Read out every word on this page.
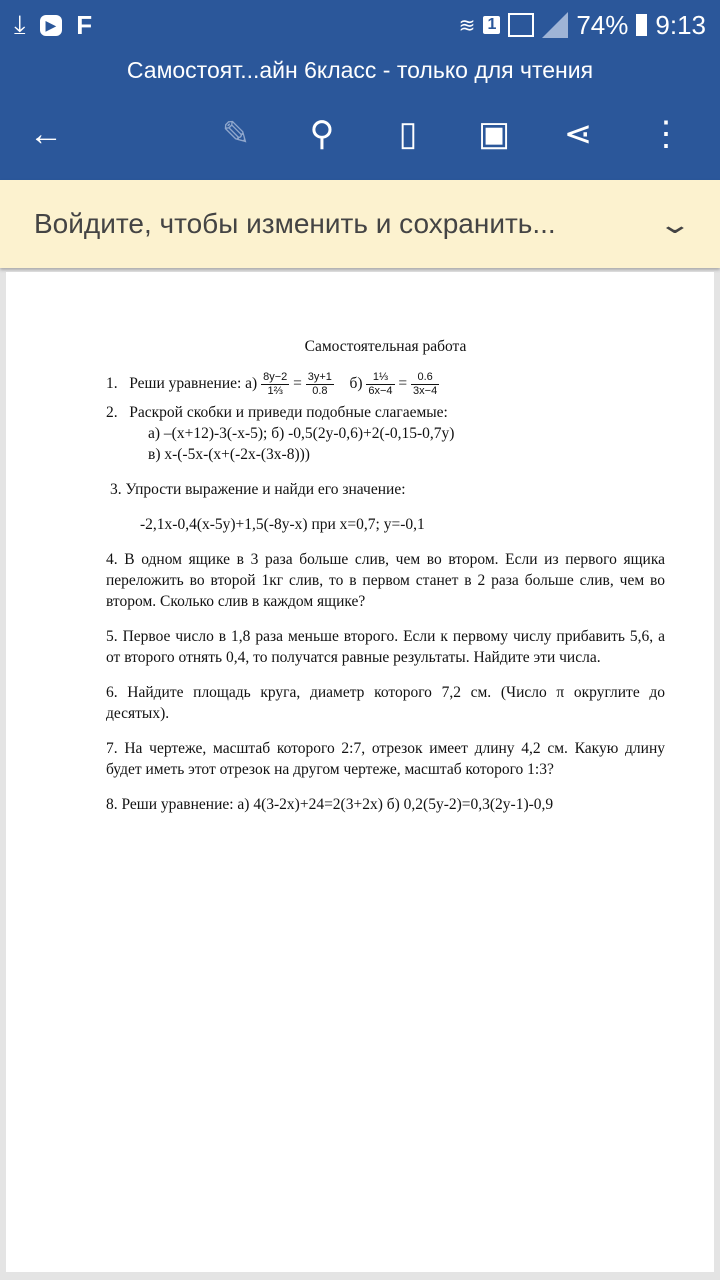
⤓	▶ F	≋ 1	74% 9:13
Самостоят...айн 6класс - только для чтения
←	✎ ⚲	▯	▣ ⋖ ⋮
Войдите, чтобы изменить и сохранить...	⌄
Самостоятельная работа
1. Реши уравнение: $а) \frac{8y-2}{\text{1⅔}} = \frac{3y+1}{0.8} б) \frac{\text{1⅓}}{6x-4} = \frac{0.6}{3x-4}$
2. Раскрой скобки и приведи подобные слагаемые:
а) –(x+12)-3(-x-5); б) -0,5(2y-0,6)+2(-0,15-0,7y)
в) x-(-5x-(x+(-2x-(3x-8)))

3. Упрости выражение и найди его значение:

-2,1x-0,4(x-5y)+1,5(-8y-x) при x=0,7; y=-0,1

4. В одном ящике в 3 раза больше слив, чем во втором. Если из первого ящика переложить во второй 1кг слив, то в первом станет в 2 раза больше слив, чем во втором. Сколько слив в каждом ящике?

5. Первое число в 1,8 раза меньше второго. Если к первому числу прибавить 5,6, а от второго отнять 0,4, то получатся равные результаты. Найдите эти числа.

6. Найдите площадь круга, диаметр которого 7,2 см. (Число π округлите до десятых).

7. На чертеже, масштаб которого 2:7, отрезок имеет длину 4,2 см. Какую длину будет иметь этот отрезок на другом чертеже, масштаб которого 1:3?

8. Реши уравнение: а) 4(3-2x)+24=2(3+2x) б) 0,2(5y-2)=0,3(2y-1)-0,9
